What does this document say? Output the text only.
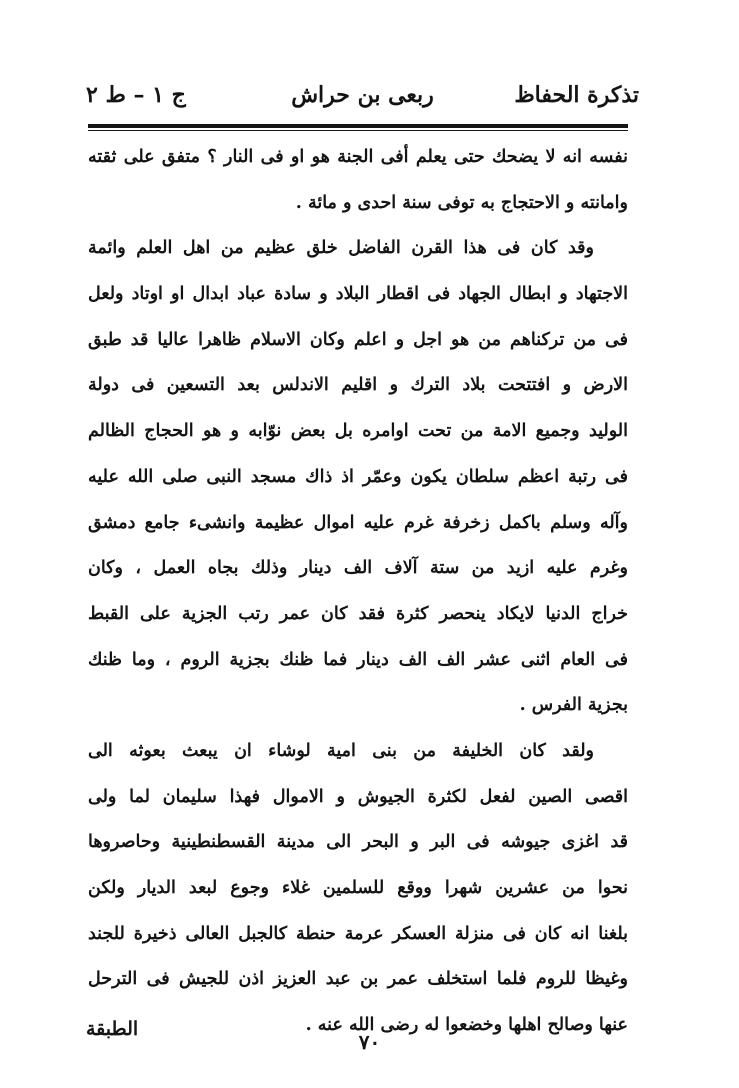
تذكرة الحفاظ
ربعى بن حراش
ج ١ – ط ٢
نفسه انه لا يضحك حتى يعلم أفى الجنة هو او فى النار ؟ متفق على ثقته
وامانته و الاحتجاج به توفى سنة احدى و مائة .
وقد كان فى هذا القرن الفاضل خلق عظيم من اهل العلم وائمة
الاجتهاد و ابطال الجهاد فى اقطار البلاد و سادة عباد ابدال او اوتاد ولعل
فى من تركناهم من هو اجل و اعلم وكان الاسلام ظاهرا عاليا قد طبق
الارض و افتتحت بلاد الترك و اقليم الاندلس بعد التسعين فى دولة
الوليد وجميع الامة من تحت اوامره بل بعض نوّابه و هو الحجاج الظالم
فى رتبة اعظم سلطان يكون وعمّر اذ ذاك مسجد النبى صلى الله عليه
وآله وسلم باكمل زخرفة غرم عليه اموال عظيمة وانشىء جامع دمشق
وغرم عليه ازيد من ستة آلاف الف دينار وذلك بجاه العمل ، وكان
خراج الدنيا لايكاد ينحصر كثرة فقد كان عمر رتب الجزية على القبط
فى العام اثنى عشر الف الف دينار فما ظنك بجزية الروم ، وما ظنك
بجزية الفرس .
ولقد كان الخليفة من بنى امية لوشاء ان يبعث بعوثه الى
اقصى الصين لفعل لكثرة الجيوش و الاموال فهذا سليمان لما ولى
قد اغزى جيوشه فى البر و البحر الى مدينة القسطنطينية وحاصروها
نحوا من عشرين شهرا ووقع للسلمين غلاء وجوع لبعد الديار ولكن
بلغنا انه كان فى منزلة العسكر عرمة حنطة كالجبل العالى ذخيرة للجند
وغيظا للروم فلما استخلف عمر بن عبد العزيز اذن للجيش فى الترحل
عنها وصالح اهلها وخضعوا له رضى الله عنه .
٧٠
الطبقة
